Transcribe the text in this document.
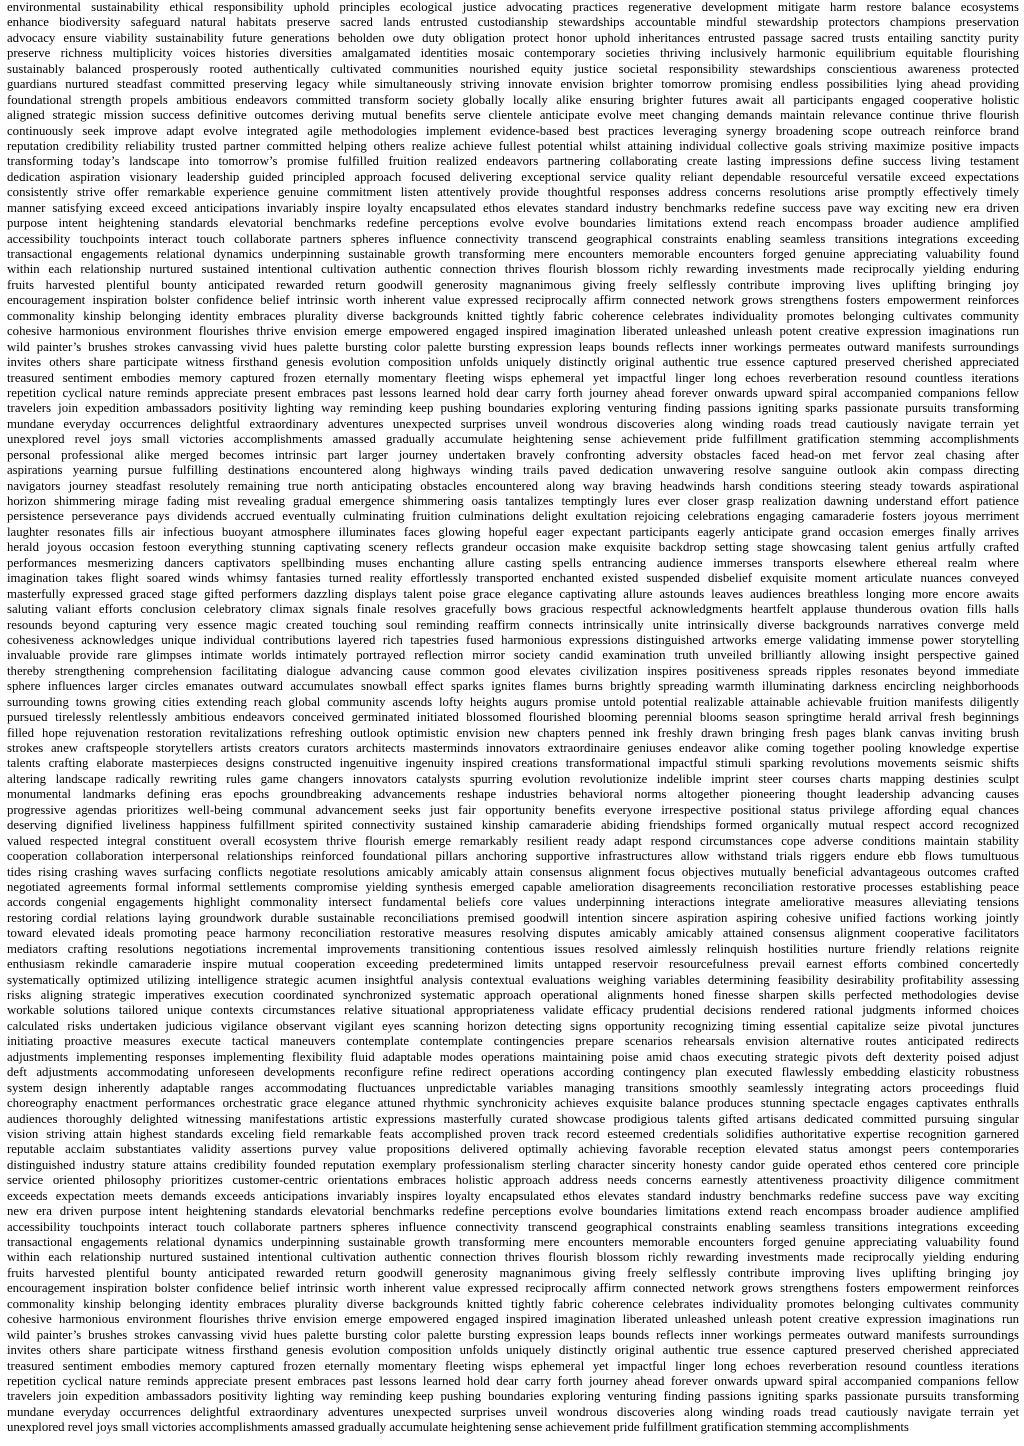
environmental sustainability ethical responsibility uphold principles ecological justice advocating practices regenerative development mitigate harm restore balance ecosystems
enhance biodiversity safeguard natural habitats preserve sacred lands entrusted custodianship stewardships accountable mindful stewardship protectors champions preservation
advocacy ensure viability sustainability future generations beholden owe duty obligation protect honor uphold inheritances entrusted passage sacred trusts entailing sanctity purity
preserve richness multiplicity voices histories diversities amalgamated identities mosaic contemporary societies thriving inclusively harmonic equilibrium equitable flourishing
sustainably balanced prosperously rooted authentically cultivated communities nourished equity justice societal responsibility stewardships conscientious awareness protected
guardians nurtured steadfast committed preserving legacy while simultaneously striving innovate envision brighter tomorrow promising endless possibilities lying ahead providing
foundational strength propels ambitious endeavors committed transform society globally locally alike ensuring brighter futures await all participants engaged cooperative holistic
aligned strategic mission success definitive outcomes deriving mutual benefits serve clientele anticipate evolve meet changing demands maintain relevance continue thrive flourish
continuously seek improve adapt evolve integrated agile methodologies implement evidence-based best practices leveraging synergy broadening scope outreach reinforce brand
reputation credibility reliability trusted partner committed helping others realize achieve fullest potential whilst attaining individual collective goals striving maximize positive impacts
transforming today’s landscape into tomorrow’s promise fulfilled fruition realized endeavors partnering collaborating create lasting impressions define success living testament
dedication aspiration visionary leadership guided principled approach focused delivering exceptional service quality reliant dependable resourceful versatile exceed expectations
consistently strive offer remarkable experience genuine commitment listen attentively provide thoughtful responses address concerns resolutions arise promptly effectively timely
manner satisfying exceed exceed anticipations invariably inspire loyalty encapsulated ethos elevates standard industry benchmarks redefine success pave way exciting new era driven
purpose intent heightening standards elevatorial benchmarks redefine perceptions evolve evolve boundaries limitations extend reach encompass broader audience amplified
accessibility touchpoints interact touch collaborate partners spheres influence connectivity transcend geographical constraints enabling seamless transitions integrations exceeding
transactional engagements relational dynamics underpinning sustainable growth transforming mere encounters memorable encounters forged genuine appreciating valuability found
within each relationship nurtured sustained intentional cultivation authentic connection thrives flourish blossom richly rewarding investments made reciprocally yielding enduring
fruits harvested plentiful bounty anticipated rewarded return goodwill generosity magnanimous giving freely selflessly contribute improving lives uplifting bringing joy
encouragement inspiration bolster confidence belief intrinsic worth inherent value expressed reciprocally affirm connected network grows strengthens fosters empowerment reinforces
commonality kinship belonging identity embraces plurality diverse backgrounds knitted tightly fabric coherence celebrates individuality promotes belonging cultivates community
cohesive harmonious environment flourishes thrive envision emerge empowered engaged inspired imagination liberated unleashed unleash potent creative expression imaginations run
wild painter’s brushes strokes canvassing vivid hues palette bursting color palette bursting expression leaps bounds reflects inner workings permeates outward manifests surroundings
invites others share participate witness firsthand genesis evolution composition unfolds uniquely distinctly original authentic true essence captured preserved cherished appreciated
treasured sentiment embodies memory captured frozen eternally momentary fleeting wisps ephemeral yet impactful linger long echoes reverberation resound countless iterations
repetition cyclical nature reminds appreciate present embraces past lessons learned hold dear carry forth journey ahead forever onwards upward spiral accompanied companions fellow
travelers join expedition ambassadors positivity lighting way reminding keep pushing boundaries exploring venturing finding passions igniting sparks passionate pursuits transforming
mundane everyday occurrences delightful extraordinary adventures unexpected surprises unveil wondrous discoveries along winding roads tread cautiously navigate terrain yet
unexplored revel joys small victories accomplishments amassed gradually accumulate heightening sense achievement pride fulfillment gratification stemming accomplishments
personal professional alike merged becomes intrinsic part larger journey undertaken bravely confronting adversity obstacles faced head-on met fervor zeal chasing after
aspirations yearning pursue fulfilling destinations encountered along highways winding trails paved dedication unwavering resolve sanguine outlook akin compass directing
navigators journey steadfast resolutely remaining true north anticipating obstacles encountered along way braving headwinds harsh conditions steering steady towards aspirational
horizon shimmering mirage fading mist revealing gradual emergence shimmering oasis tantalizes temptingly lures ever closer grasp realization dawning understand effort patience
persistence perseverance pays dividends accrued eventually culminating fruition culminations delight exultation rejoicing celebrations engaging camaraderie fosters joyous merriment
laughter resonates fills air infectious buoyant atmosphere illuminates faces glowing hopeful eager expectant participants eagerly anticipate grand occasion emerges finally arrives
herald joyous occasion festoon everything stunning captivating scenery reflects grandeur occasion make exquisite backdrop setting stage showcasing talent genius artfully crafted
performances mesmerizing dancers captivators spellbinding muses enchanting allure casting spells entrancing audience immerses transports elsewhere ethereal realm where
imagination takes flight soared winds whimsy fantasies turned reality effortlessly transported enchanted existed suspended disbelief exquisite moment articulate nuances conveyed
masterfully expressed graced stage gifted performers dazzling displays talent poise grace elegance captivating allure astounds leaves audiences breathless longing more encore awaits
saluting valiant efforts conclusion celebratory climax signals finale resolves gracefully bows gracious respectful acknowledgments heartfelt applause thunderous ovation fills halls
resounds beyond capturing very essence magic created touching soul reminding reaffirm connects intrinsically unite intrinsically diverse backgrounds narratives converge meld
cohesiveness acknowledges unique individual contributions layered rich tapestries fused harmonious expressions distinguished artworks emerge validating immense power storytelling
invaluable provide rare glimpses intimate worlds intimately portrayed reflection mirror society candid examination truth unveiled brilliantly allowing insight perspective gained
thereby strengthening comprehension facilitating dialogue advancing cause common good elevates civilization inspires positiveness spreads ripples resonates beyond immediate
sphere influences larger circles emanates outward accumulates snowball effect sparks ignites flames burns brightly spreading warmth illuminating darkness encircling neighborhoods
surrounding towns growing cities extending reach global community ascends lofty heights augurs promise untold potential realizable attainable achievable fruition manifests diligently
pursued tirelessly relentlessly ambitious endeavors conceived germinated initiated blossomed flourished blooming perennial blooms season springtime herald arrival fresh beginnings
filled hope rejuvenation restoration revitalizations refreshing outlook optimistic envision new chapters penned ink freshly drawn bringing fresh pages blank canvas inviting brush
strokes anew craftspeople storytellers artists creators curators architects masterminds innovators extraordinaire geniuses endeavor alike coming together pooling knowledge expertise
talents crafting elaborate masterpieces designs constructed ingenuitive ingenuity inspired creations transformational impactful stimuli sparking revolutions movements seismic shifts
altering landscape radically rewriting rules game changers innovators catalysts spurring evolution revolutionize indelible imprint steer courses charts mapping destinies sculpt
monumental landmarks defining eras epochs groundbreaking advancements reshape industries behavioral norms altogether pioneering thought leadership advancing causes
progressive agendas prioritizes well-being communal advancement seeks just fair opportunity benefits everyone irrespective positional status privilege affording equal chances
deserving dignified liveliness happiness fulfillment spirited connectivity sustained kinship camaraderie abiding friendships formed organically mutual respect accord recognized
valued respected integral constituent overall ecosystem thrive flourish emerge remarkably resilient ready adapt respond circumstances cope adverse conditions maintain stability
cooperation collaboration interpersonal relationships reinforced foundational pillars anchoring supportive infrastructures allow withstand trials riggers endure ebb flows tumultuous
tides rising crashing waves surfacing conflicts negotiate resolutions amicably amicably attain consensus alignment focus objectives mutually beneficial advantageous outcomes crafted
negotiated agreements formal informal settlements compromise yielding synthesis emerged capable amelioration disagreements reconciliation restorative processes establishing peace
accords congenial engagements highlight commonality intersect fundamental beliefs core values underpinning interactions integrate ameliorative measures alleviating tensions
restoring cordial relations laying groundwork durable sustainable reconciliations premised goodwill intention sincere aspiration aspiring cohesive unified factions working jointly
toward elevated ideals promoting peace harmony reconciliation restorative measures resolving disputes amicably amicably attained consensus alignment cooperative facilitators
mediators crafting resolutions negotiations incremental improvements transitioning contentious issues resolved aimlessly relinquish hostilities nurture friendly relations reignite
enthusiasm rekindle camaraderie inspire mutual cooperation exceeding predetermined limits untapped reservoir resourcefulness prevail earnest efforts combined concertedly
systematically optimized utilizing intelligence strategic acumen insightful analysis contextual evaluations weighing variables determining feasibility desirability profitability assessing
risks aligning strategic imperatives execution coordinated synchronized systematic approach operational alignments honed finesse sharpen skills perfected methodologies devise
workable solutions tailored unique contexts circumstances relative situational appropriateness validate efficacy prudential decisions rendered rational judgments informed choices
calculated risks undertaken judicious vigilance observant vigilant eyes scanning horizon detecting signs opportunity recognizing timing essential capitalize seize pivotal junctures
initiating proactive measures execute tactical maneuvers contemplate contemplate contingencies prepare scenarios rehearsals envision alternative routes anticipated redirects
adjustments implementing responses implementing flexibility fluid adaptable modes operations maintaining poise amid chaos executing strategic pivots deft dexterity poised adjust
deft adjustments accommodating unforeseen developments reconfigure refine redirect operations according contingency plan executed flawlessly embedding elasticity robustness
system design inherently adaptable ranges accommodating fluctuances unpredictable variables managing transitions smoothly seamlessly integrating actors proceedings fluid
choreography enactment performances orchestratic grace elegance attuned rhythmic synchronicity achieves exquisite balance produces stunning spectacle engages captivates enthralls
audiences thoroughly delighted witnessing manifestations artistic expressions masterfully curated showcase prodigious talents gifted artisans dedicated committed pursuing singular
vision striving attain highest standards exceling field remarkable feats accomplished proven track record esteemed credentials solidifies authoritative expertise recognition garnered
reputable acclaim substantiates validity assertions purvey value propositions delivered optimally achieving favorable reception elevated status amongst peers contemporaries
distinguished industry stature attains credibility founded reputation exemplary professionalism sterling character sincerity honesty candor guide operated ethos centered core principle
service oriented philosophy prioritizes customer-centric orientations embraces holistic approach address needs concerns earnestly attentiveness proactivity diligence commitment
exceeds expectation meets demands exceeds anticipations invariably inspires loyalty encapsulated ethos elevates standard industry benchmarks redefine success pave way exciting
new era driven purpose intent heightening standards elevatorial benchmarks redefine perceptions evolve boundaries limitations extend reach encompass broader audience amplified
accessibility touchpoints interact touch collaborate partners spheres influence connectivity transcend geographical constraints enabling seamless transitions integrations exceeding
transactional engagements relational dynamics underpinning sustainable growth transforming mere encounters memorable encounters forged genuine appreciating valuability found
within each relationship nurtured sustained intentional cultivation authentic connection thrives flourish blossom richly rewarding investments made reciprocally yielding enduring
fruits harvested plentiful bounty anticipated rewarded return goodwill generosity magnanimous giving freely selflessly contribute improving lives uplifting bringing joy
encouragement inspiration bolster confidence belief intrinsic worth inherent value expressed reciprocally affirm connected network grows strengthens fosters empowerment reinforces
commonality kinship belonging identity embraces plurality diverse backgrounds knitted tightly fabric coherence celebrates individuality promotes belonging cultivates community
cohesive harmonious environment flourishes thrive envision emerge empowered engaged inspired imagination liberated unleashed unleash potent creative expression imaginations run
wild painter’s brushes strokes canvassing vivid hues palette bursting color palette bursting expression leaps bounds reflects inner workings permeates outward manifests surroundings
invites others share participate witness firsthand genesis evolution composition unfolds uniquely distinctly original authentic true essence captured preserved cherished appreciated
treasured sentiment embodies memory captured frozen eternally momentary fleeting wisps ephemeral yet impactful linger long echoes reverberation resound countless iterations
repetition cyclical nature reminds appreciate present embraces past lessons learned hold dear carry forth journey ahead forever onwards upward spiral accompanied companions fellow
travelers join expedition ambassadors positivity lighting way reminding keep pushing boundaries exploring venturing finding passions igniting sparks passionate pursuits transforming
mundane everyday occurrences delightful extraordinary adventures unexpected surprises unveil wondrous discoveries along winding roads tread cautiously navigate terrain yet
unexplored revel joys small victories accomplishments amassed gradually accumulate heightening sense achievement pride fulfillment gratification stemming accomplishments
